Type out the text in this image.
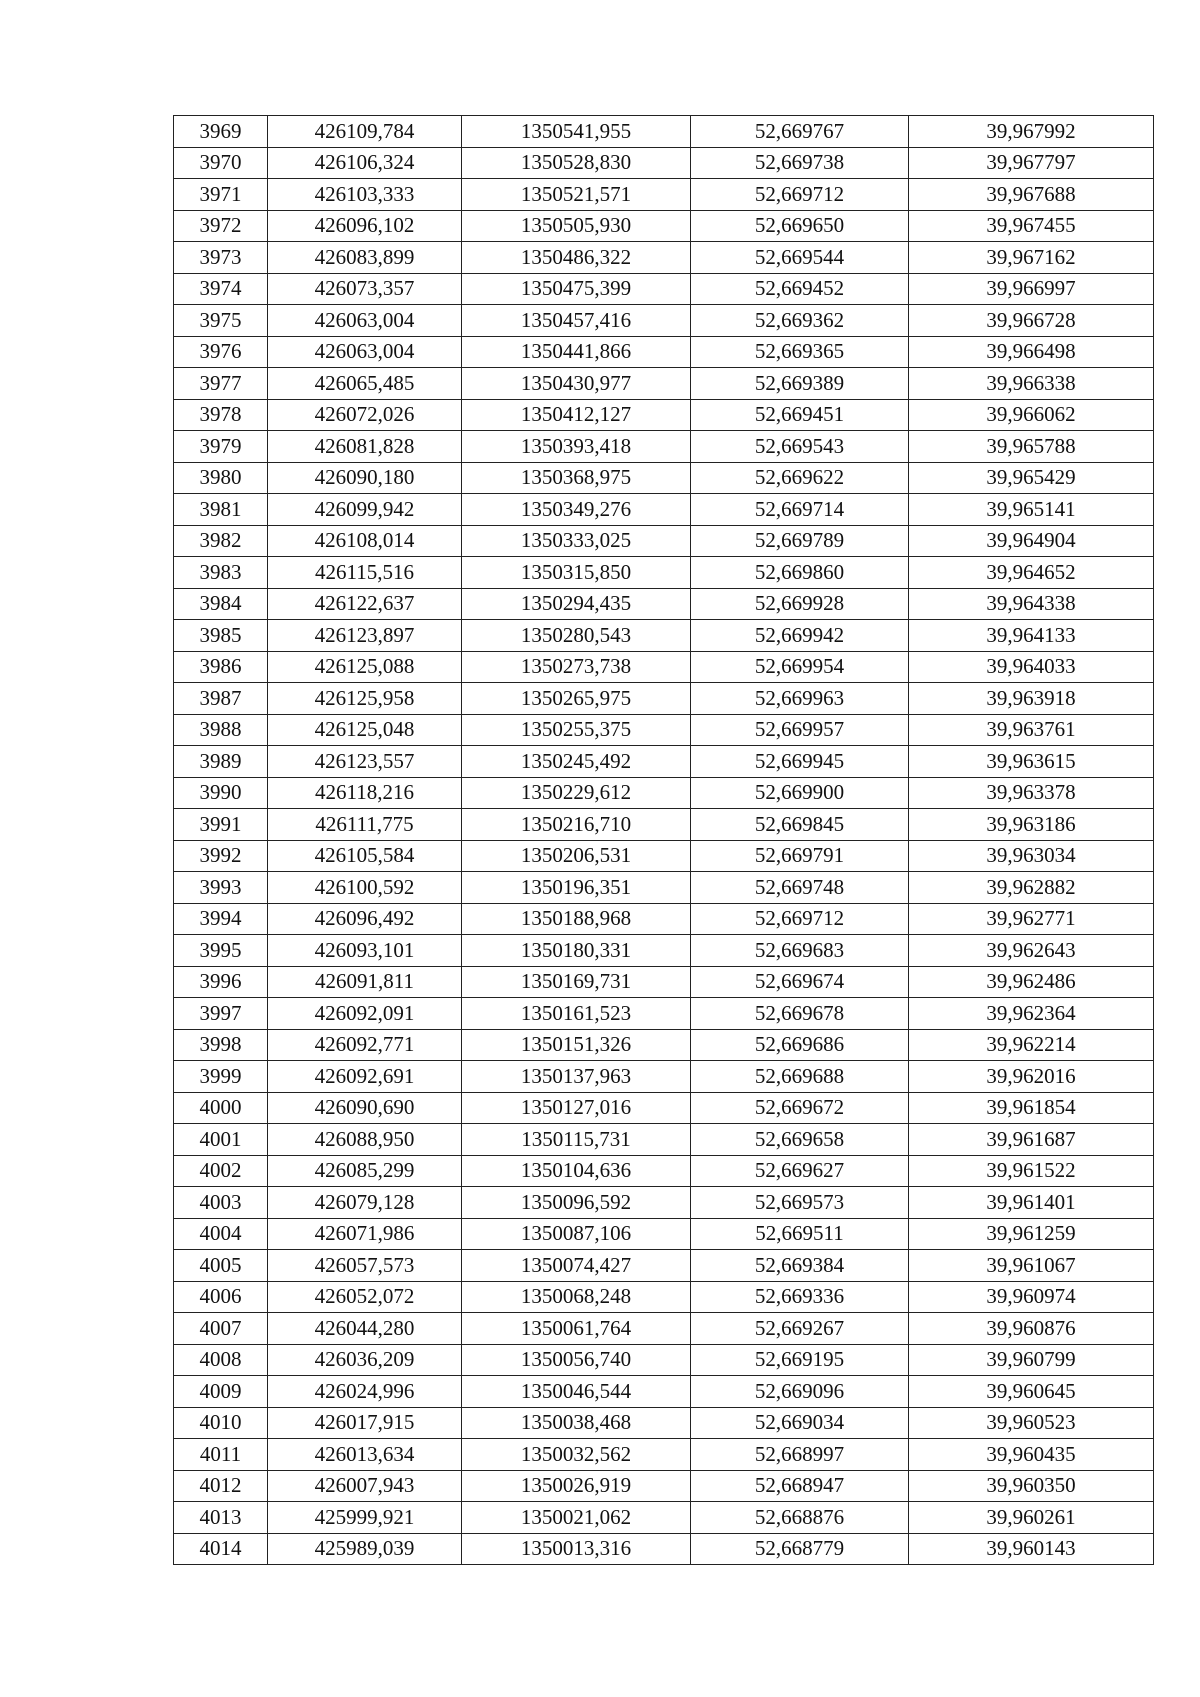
3969	426109,784	1350541,955	52,669767	39,967992
3970	426106,324	1350528,830	52,669738	39,967797
3971	426103,333	1350521,571	52,669712	39,967688
3972	426096,102	1350505,930	52,669650	39,967455
3973	426083,899	1350486,322	52,669544	39,967162
3974	426073,357	1350475,399	52,669452	39,966997
3975	426063,004	1350457,416	52,669362	39,966728
3976	426063,004	1350441,866	52,669365	39,966498
3977	426065,485	1350430,977	52,669389	39,966338
3978	426072,026	1350412,127	52,669451	39,966062
3979	426081,828	1350393,418	52,669543	39,965788
3980	426090,180	1350368,975	52,669622	39,965429
3981	426099,942	1350349,276	52,669714	39,965141
3982	426108,014	1350333,025	52,669789	39,964904
3983	426115,516	1350315,850	52,669860	39,964652
3984	426122,637	1350294,435	52,669928	39,964338
3985	426123,897	1350280,543	52,669942	39,964133
3986	426125,088	1350273,738	52,669954	39,964033
3987	426125,958	1350265,975	52,669963	39,963918
3988	426125,048	1350255,375	52,669957	39,963761
3989	426123,557	1350245,492	52,669945	39,963615
3990	426118,216	1350229,612	52,669900	39,963378
3991	426111,775	1350216,710	52,669845	39,963186
3992	426105,584	1350206,531	52,669791	39,963034
3993	426100,592	1350196,351	52,669748	39,962882
3994	426096,492	1350188,968	52,669712	39,962771
3995	426093,101	1350180,331	52,669683	39,962643
3996	426091,811	1350169,731	52,669674	39,962486
3997	426092,091	1350161,523	52,669678	39,962364
3998	426092,771	1350151,326	52,669686	39,962214
3999	426092,691	1350137,963	52,669688	39,962016
4000	426090,690	1350127,016	52,669672	39,961854
4001	426088,950	1350115,731	52,669658	39,961687
4002	426085,299	1350104,636	52,669627	39,961522
4003	426079,128	1350096,592	52,669573	39,961401
4004	426071,986	1350087,106	52,669511	39,961259
4005	426057,573	1350074,427	52,669384	39,961067
4006	426052,072	1350068,248	52,669336	39,960974
4007	426044,280	1350061,764	52,669267	39,960876
4008	426036,209	1350056,740	52,669195	39,960799
4009	426024,996	1350046,544	52,669096	39,960645
4010	426017,915	1350038,468	52,669034	39,960523
4011	426013,634	1350032,562	52,668997	39,960435
4012	426007,943	1350026,919	52,668947	39,960350
4013	425999,921	1350021,062	52,668876	39,960261
4014	425989,039	1350013,316	52,668779	39,960143
